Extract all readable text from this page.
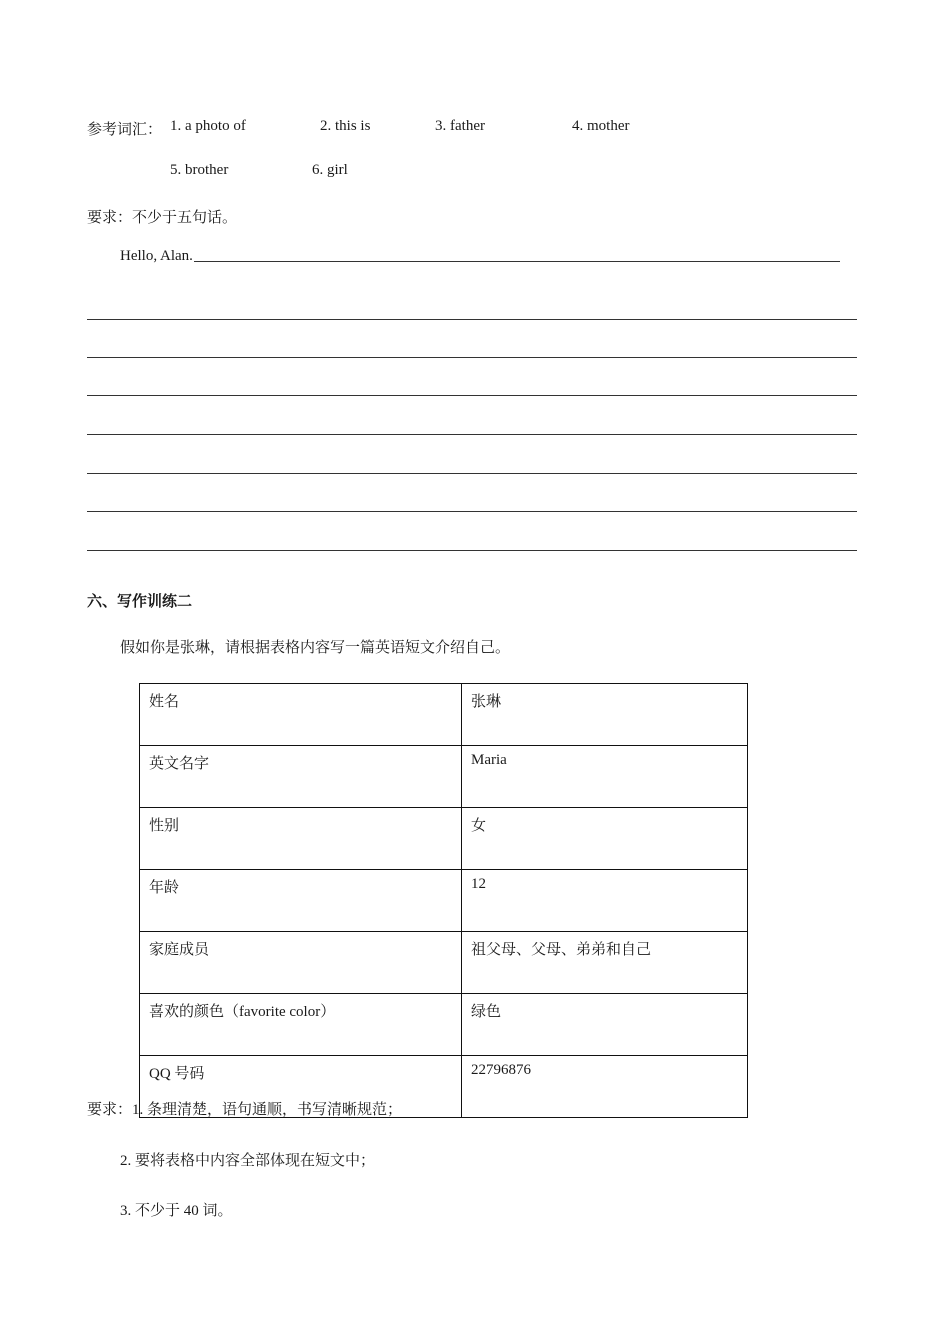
参考词汇： 1. a photo of	2. this is	3. father	4. mother
5. brother	6. girl
要求：不少于五句话。
Hello, Alan.
六、写作训练二
假如你是张琳，请根据表格内容写一篇英语短文介绍自己。
姓名	张琳
英文名字	Maria
性别	女
年龄	12
家庭成员	祖父母、父母、弟弟和自己
喜欢的颜色（favorite color）	绿色
QQ 号码	22796876
要求：1. 条理清楚，语句通顺，书写清晰规范；
2. 要将表格中内容全部体现在短文中；
3. 不少于 40 词。
